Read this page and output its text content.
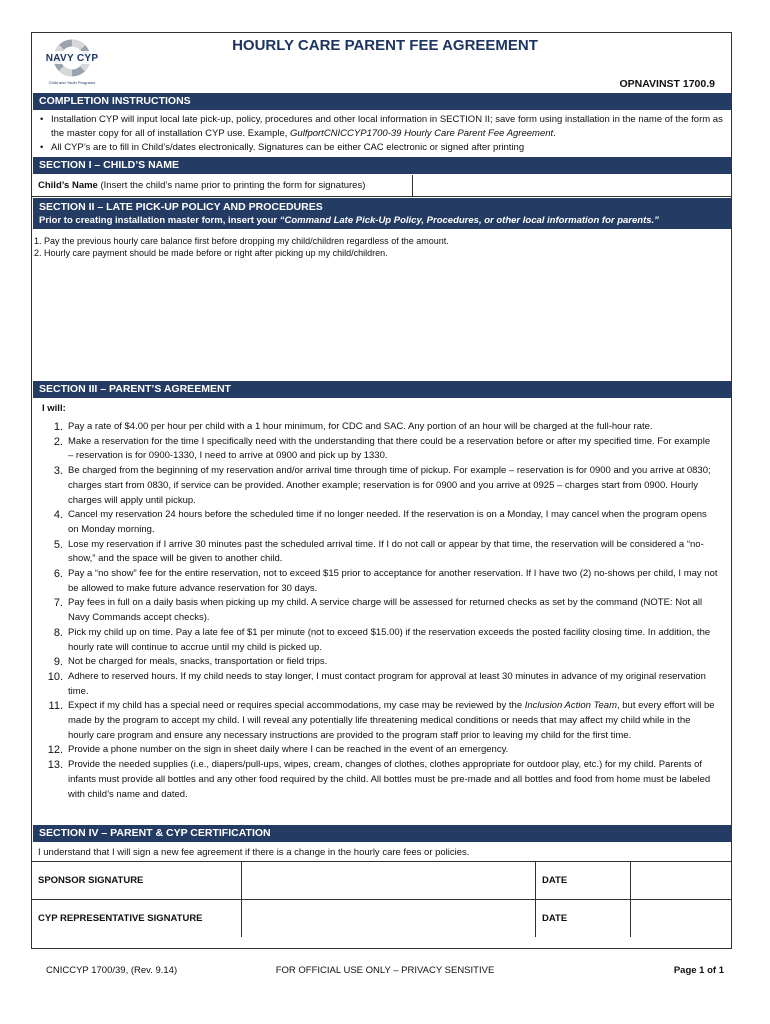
NAVY CYP
Child and Youth Programs
HOURLY CARE PARENT FEE AGREEMENT
OPNAVINST 1700.9
COMPLETION INSTRUCTIONS
• Installation CYP will input local late pick-up, policy, procedures and other local information in SECTION II; save form using installation in the name of the form as the master copy for all of installation CYP use. Example, GulfportCNICCYP1700-39 Hourly Care Parent Fee Agreement.
• All CYP’s are to fill in Child’s/dates electronically. Signatures can be either CAC electronic or signed after printing
SECTION I – CHILD’S NAME
Child’s Name (Insert the child’s name prior to printing the form for signatures)
SECTION II – LATE PICK-UP POLICY AND PROCEDURES
Prior to creating installation master form, insert your “Command Late Pick-Up Policy, Procedures, or other local information for parents.”
1. Pay the previous hourly care balance first before dropping my child/children regardless of the amount.
2. Hourly care payment should be made before or right after picking up my child/children.
SECTION III – PARENT’S AGREEMENT
I will:
1. Pay a rate of $4.00 per hour per child with a 1 hour minimum, for CDC and SAC. Any portion of an hour will be charged at the full-hour rate.
2. Make a reservation for the time I specifically need with the understanding that there could be a reservation before or after my specified time. For example – reservation is for 0900-1330, I need to arrive at 0900 and pick up by 1330.
3. Be charged from the beginning of my reservation and/or arrival time through time of pickup. For example – reservation is for 0900 and you arrive at 0830; charges start from 0830, if service can be provided. Another example; reservation is for 0900 and you arrive at 0925 – charges start from 0900. Hourly charges will apply until pickup.
4. Cancel my reservation 24 hours before the scheduled time if no longer needed. If the reservation is on a Monday, I may cancel when the program opens on Monday morning.
5. Lose my reservation if I arrive 30 minutes past the scheduled arrival time. If I do not call or appear by that time, the reservation will be considered a “no-show,” and the space will be given to another child.
6. Pay a “no show” fee for the entire reservation, not to exceed $15 prior to acceptance for another reservation. If I have two (2) no-shows per child, I may not be allowed to make future advance reservation for 30 days.
7. Pay fees in full on a daily basis when picking up my child. A service charge will be assessed for returned checks as set by the command (NOTE: Not all Navy Commands accept checks).
8. Pick my child up on time. Pay a late fee of $1 per minute (not to exceed $15.00) if the reservation exceeds the posted facility closing time. In addition, the hourly rate will continue to accrue until my child is picked up.
9. Not be charged for meals, snacks, transportation or field trips.
10. Adhere to reserved hours. If my child needs to stay longer, I must contact program for approval at least 30 minutes in advance of my original reservation time.
11. Expect if my child has a special need or requires special accommodations, my case may be reviewed by the Inclusion Action Team, but every effort will be made by the program to accept my child. I will reveal any potentially life threatening medical conditions or needs that may affect my child while in the hourly care program and ensure any necessary instructions are provided to the program staff prior to leaving my child for the first time.
12. Provide a phone number on the sign in sheet daily where I can be reached in the event of an emergency.
13. Provide the needed supplies (i.e., diapers/pull-ups, wipes, cream, changes of clothes, clothes appropriate for outdoor play, etc.) for my child. Parents of infants must provide all bottles and any other food required by the child. All bottles must be pre-made and all bottles and food from home must be labeled with child’s name and dated.
SECTION IV – PARENT & CYP CERTIFICATION
I understand that I will sign a new fee agreement if there is a change in the hourly care fees or policies.
SPONSOR SIGNATURE	DATE
CYP REPRESENTATIVE SIGNATURE	DATE
CNICCYP 1700/39, (Rev. 9.14)	FOR OFFICIAL USE ONLY – PRIVACY SENSITIVE	Page 1 of 1
